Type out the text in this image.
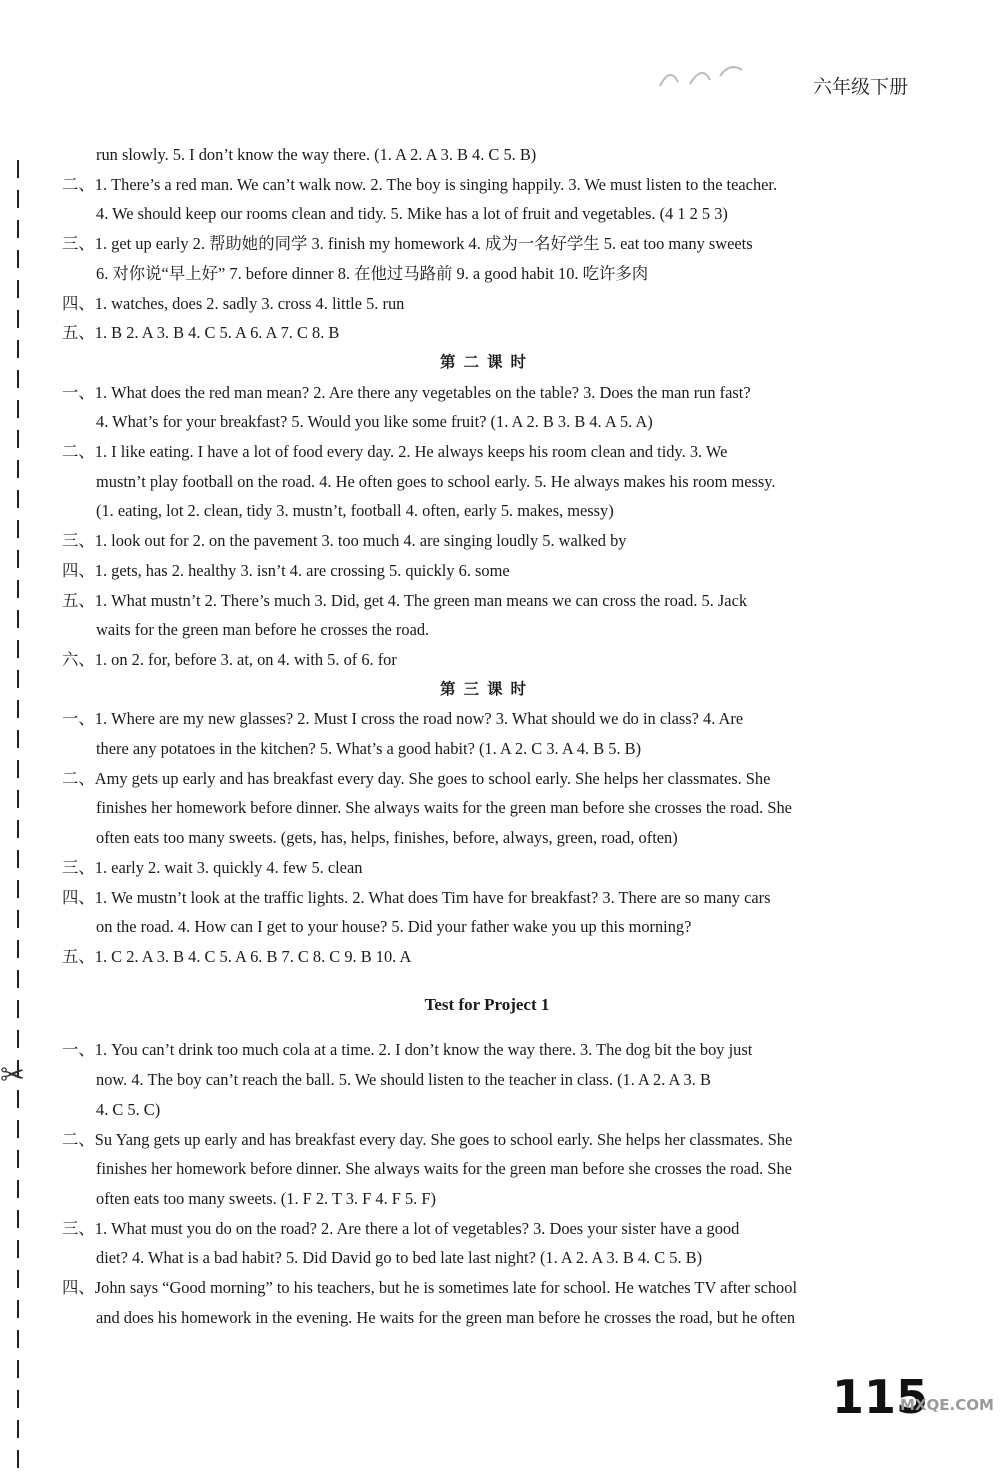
六年级下册
✂
run slowly. 5. I don’t know the way there. (1. A 2. A 3. B 4. C 5. B)
二、1. There’s a red man. We can’t walk now. 2. The boy is singing happily. 3. We must listen to the teacher.
4. We should keep our rooms clean and tidy. 5. Mike has a lot of fruit and vegetables. (4 1 2 5 3)
三、1. get up early 2. 帮助她的同学 3. finish my homework 4. 成为一名好学生 5. eat too many sweets
6. 对你说“早上好” 7. before dinner 8. 在他过马路前 9. a good habit 10. 吃许多肉
四、1. watches, does 2. sadly 3. cross 4. little 5. run
五、1. B 2. A 3. B 4. C 5. A 6. A 7. C 8. B
第二课时
一、1. What does the red man mean? 2. Are there any vegetables on the table? 3. Does the man run fast?
4. What’s for your breakfast? 5. Would you like some fruit? (1. A 2. B 3. B 4. A 5. A)
二、1. I like eating. I have a lot of food every day. 2. He always keeps his room clean and tidy. 3. We
mustn’t play football on the road. 4. He often goes to school early. 5. He always makes his room messy.
(1. eating, lot 2. clean, tidy 3. mustn’t, football 4. often, early 5. makes, messy)
三、1. look out for 2. on the pavement 3. too much 4. are singing loudly 5. walked by
四、1. gets, has 2. healthy 3. isn’t 4. are crossing 5. quickly 6. some
五、1. What mustn’t 2. There’s much 3. Did, get 4. The green man means we can cross the road. 5. Jack
waits for the green man before he crosses the road.
六、1. on 2. for, before 3. at, on 4. with 5. of 6. for
第三课时
一、1. Where are my new glasses? 2. Must I cross the road now? 3. What should we do in class? 4. Are
there any potatoes in the kitchen? 5. What’s a good habit? (1. A 2. C 3. A 4. B 5. B)
二、Amy gets up early and has breakfast every day. She goes to school early. She helps her classmates. She
finishes her homework before dinner. She always waits for the green man before she crosses the road. She
often eats too many sweets. (gets, has, helps, finishes, before, always, green, road, often)
三、1. early 2. wait 3. quickly 4. few 5. clean
四、1. We mustn’t look at the traffic lights. 2. What does Tim have for breakfast? 3. There are so many cars
on the road. 4. How can I get to your house? 5. Did your father wake you up this morning?
五、1. C 2. A 3. B 4. C 5. A 6. B 7. C 8. C 9. B 10. A
Test for Project 1
一、1. You can’t drink too much cola at a time. 2. I don’t know the way there. 3. The dog bit the boy just
now. 4. The boy can’t reach the ball. 5. We should listen to the teacher in class. (1. A 2. A 3. B
4. C 5. C)
二、Su Yang gets up early and has breakfast every day. She goes to school early. She helps her classmates. She
finishes her homework before dinner. She always waits for the green man before she crosses the road. She
often eats too many sweets. (1. F 2. T 3. F 4. F 5. F)
三、1. What must you do on the road? 2. Are there a lot of vegetables? 3. Does your sister have a good
diet? 4. What is a bad habit? 5. Did David go to bed late last night? (1. A 2. A 3. B 4. C 5. B)
四、John says “Good morning” to his teachers, but he is sometimes late for school. He watches TV after school
and does his homework in the evening. He waits for the green man before he crosses the road, but he often
115
MXQE.COM
